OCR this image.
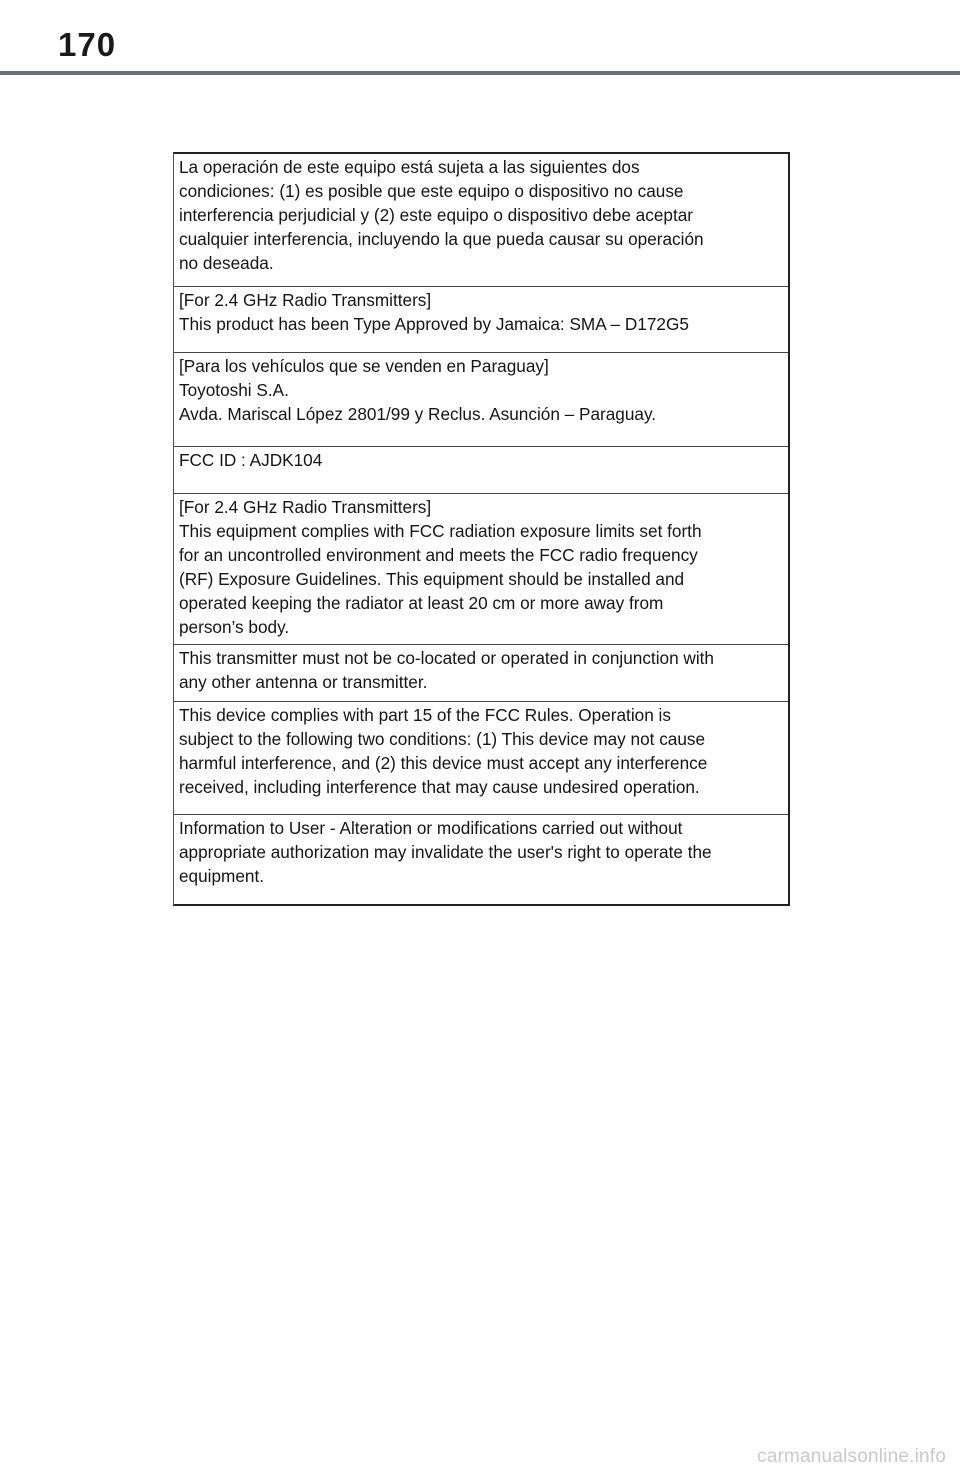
170
La operación de este equipo está sujeta a las siguientes dos
condiciones: (1) es posible que este equipo o dispositivo no cause
interferencia perjudicial y (2) este equipo o dispositivo debe aceptar
cualquier interferencia, incluyendo la que pueda causar su operación
no deseada.
[For 2.4 GHz Radio Transmitters]
This product has been Type Approved by Jamaica: SMA – D172G5
[Para los vehículos que se venden en Paraguay]
Toyotoshi S.A.
Avda. Mariscal López 2801/99 y Reclus. Asunción – Paraguay.
FCC ID : AJDK104
[For 2.4 GHz Radio Transmitters]
This equipment complies with FCC radiation exposure limits set forth
for an uncontrolled environment and meets the FCC radio frequency
(RF) Exposure Guidelines. This equipment should be installed and
operated keeping the radiator at least 20 cm or more away from
person’s body.
This transmitter must not be co-located or operated in conjunction with
any other antenna or transmitter.
This device complies with part 15 of the FCC Rules. Operation is
subject to the following two conditions: (1) This device may not cause
harmful interference, and (2) this device must accept any interference
received, including interference that may cause undesired operation.
Information to User - Alteration or modifications carried out without
appropriate authorization may invalidate the user's right to operate the
equipment.
carmanualsonline.info
